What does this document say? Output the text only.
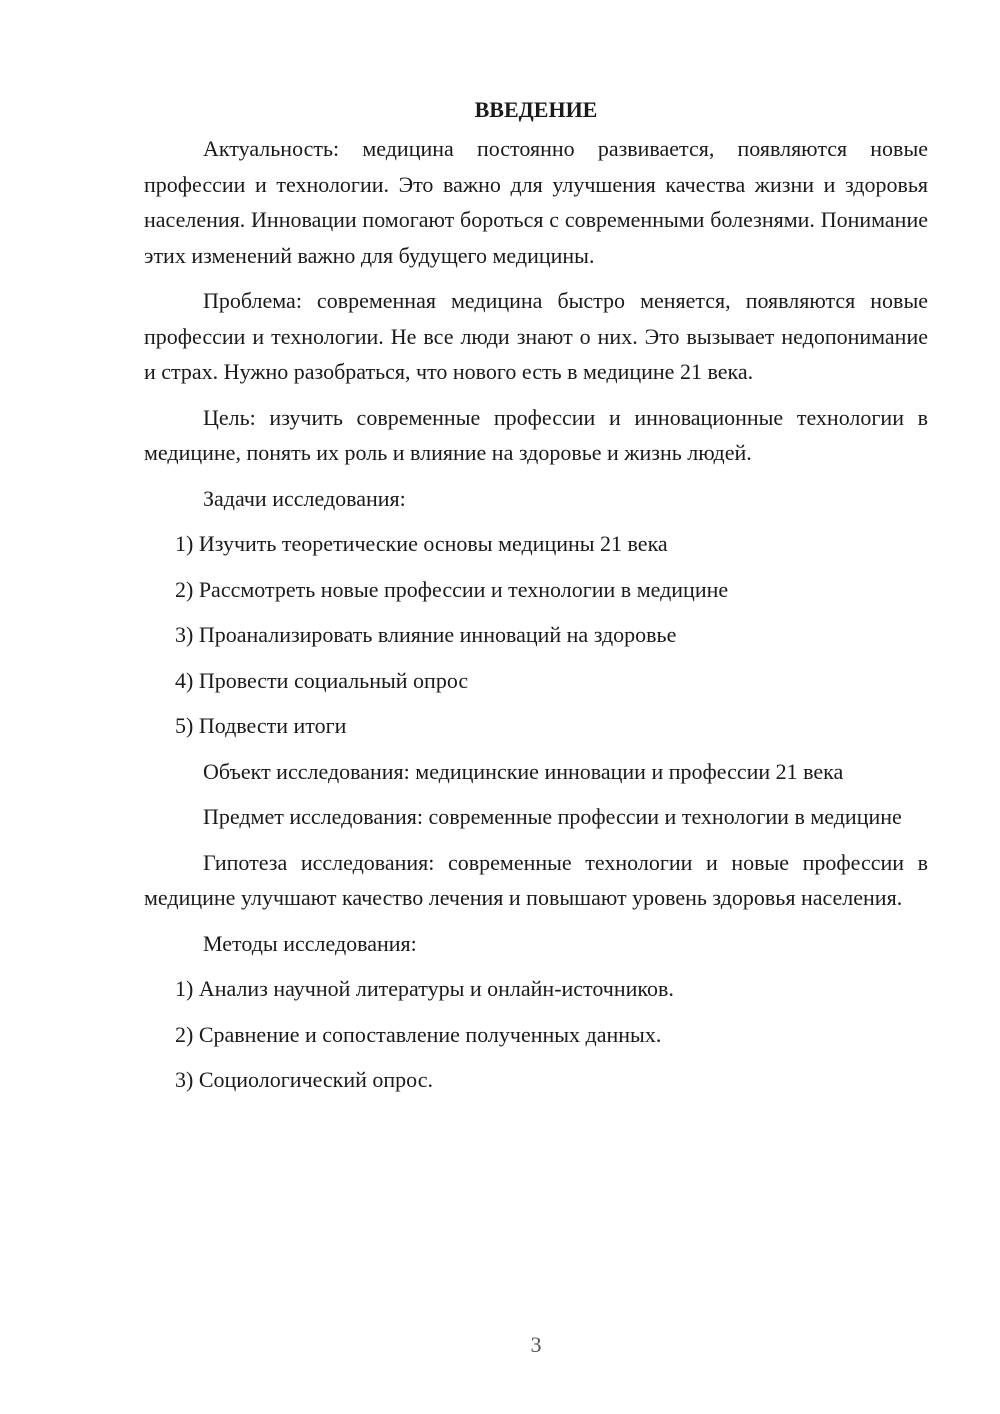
ВВЕДЕНИЕ

Актуальность: медицина постоянно развивается, появляются новые профессии и технологии. Это важно для улучшения качества жизни и здоровья населения. Инновации помогают бороться с современными болезнями. Понимание этих изменений важно для будущего медицины.

Проблема: современная медицина быстро меняется, появляются новые профессии и технологии. Не все люди знают о них. Это вызывает недопонимание и страх. Нужно разобраться, что нового есть в медицине 21 века.

Цель: изучить современные профессии и инновационные технологии в медицине, понять их роль и влияние на здоровье и жизнь людей.

Задачи исследования:

1) Изучить теоретические основы медицины 21 века

2) Рассмотреть новые профессии и технологии в медицине

3) Проанализировать влияние инноваций на здоровье

4) Провести социальный опрос

5) Подвести итоги

Объект исследования: медицинские инновации и профессии 21 века

Предмет исследования: современные профессии и технологии в медицине

Гипотеза исследования: современные технологии и новые профессии в медицине улучшают качество лечения и повышают уровень здоровья населения.

Методы исследования:

1) Анализ научной литературы и онлайн-источников.

2) Сравнение и сопоставление полученных данных.

3) Социологический опрос.

3
